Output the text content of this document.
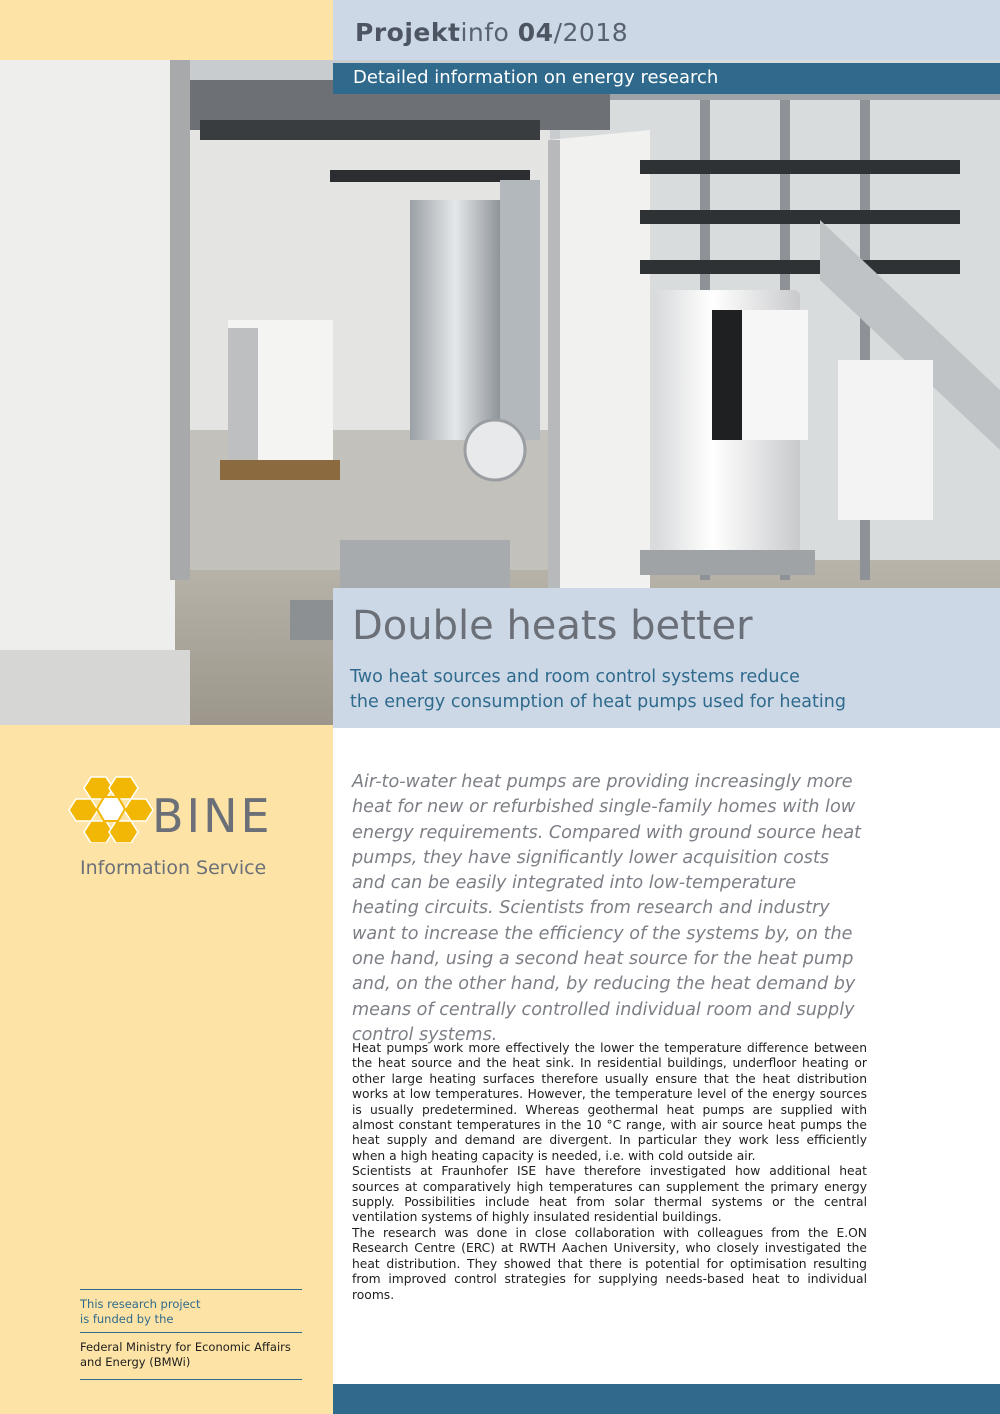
Projektinfo 04/2018
Detailed information on energy research
Double heats better
Two heat sources and room control systems reduce
the energy consumption of heat pumps used for heating
BINE
Information Service
Air-to-water heat pumps are providing increasingly more heat for new or refurbished single-family homes with low energy requirements. Compared with ground source heat pumps, they have significantly lower acquisition costs and can be easily integrated into low-temperature heating circuits. Scientists from research and industry want to increase the efficiency of the systems by, on the one hand, using a second heat source for the heat pump and, on the other hand, by reducing the heat demand by means of centrally controlled individual room and supply control systems.

Heat pumps work more effectively the lower the temperature difference between the heat source and the heat sink. In residential buildings, underfloor heating or other large heating surfaces therefore usually ensure that the heat distribution works at low temperatures. However, the temperature level of the energy sources is usually predetermined. Whereas geothermal heat pumps are supplied with almost constant temperatures in the 10 °C range, with air source heat pumps the heat supply and demand are divergent. In particular they work less efficiently when a high heating capacity is needed, i.e. with cold outside air.

Scientists at Fraunhofer ISE have therefore investigated how additional heat sources at comparatively high temperatures can supplement the primary energy supply. Possibilities include heat from solar thermal systems or the central ventilation systems of highly insulated residential buildings.

The research was done in close collaboration with colleagues from the E.ON Research Centre (ERC) at RWTH Aachen University, who closely investigated the heat distribution. They showed that there is potential for optimisation resulting from improved control strategies for supplying needs-based heat to individual rooms.

This research project
is funded by the
Federal Ministry for Economic Affairs
and Energy (BMWi)
